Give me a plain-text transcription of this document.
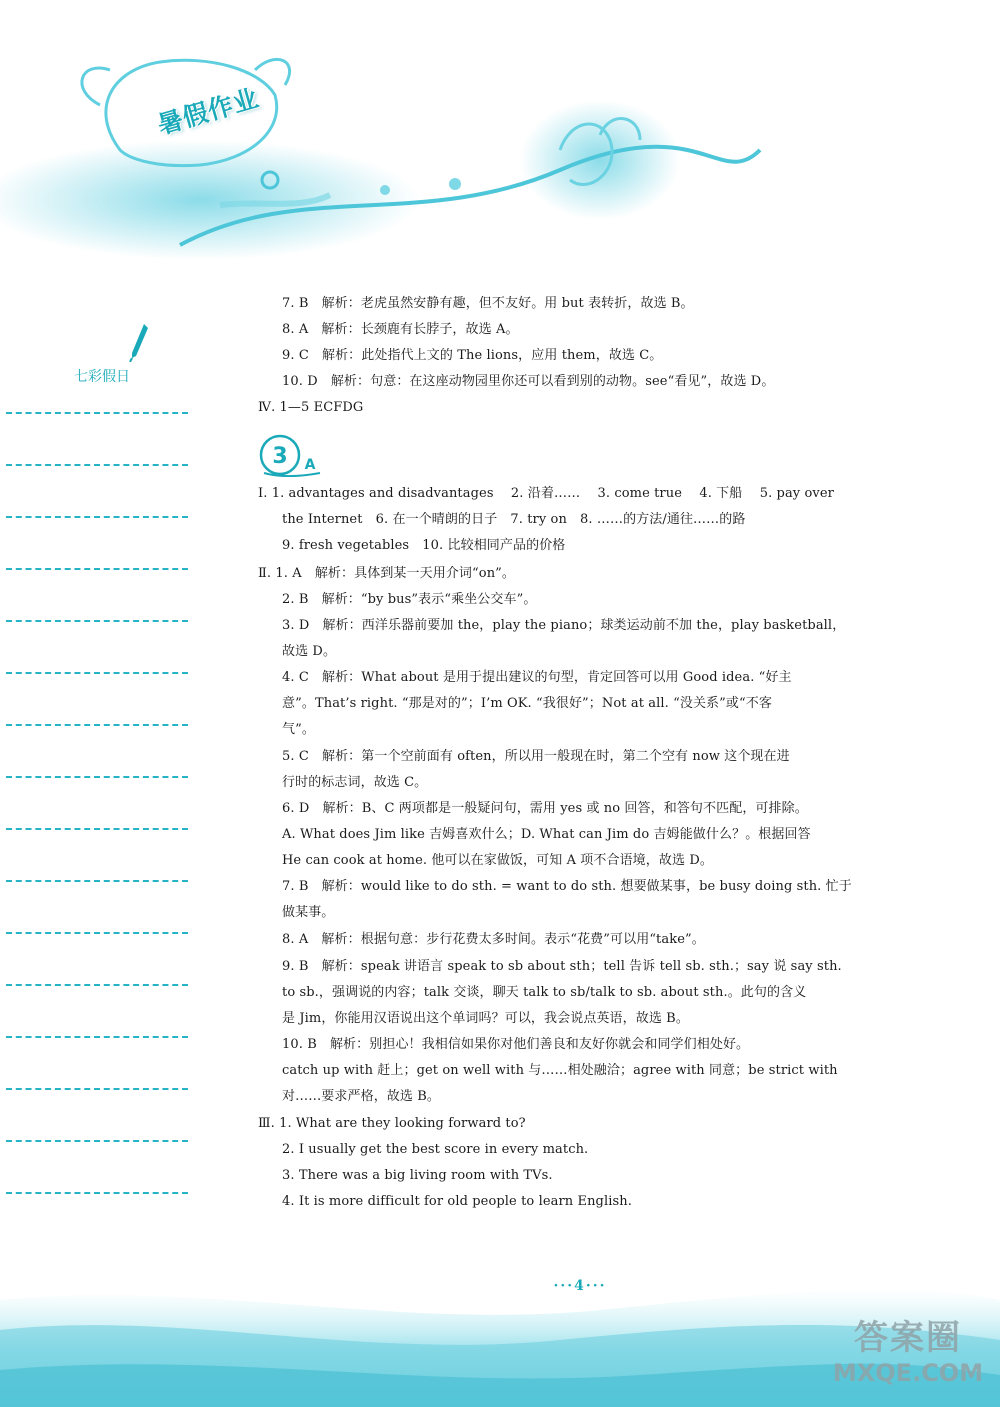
暑假作业
七彩假日
3 A
7. B　解析：老虎虽然安静有趣，但不友好。用 but 表转折，故选 B。
8. A　解析：长颈鹿有长脖子，故选 A。
9. C　解析：此处指代上文的 The lions，应用 them，故选 C。
10. D　解析：句意：在这座动物园里你还可以看到别的动物。see“看见”，故选 D。
Ⅳ. 1—5 ECFDG
Ⅰ. 1. advantages and disadvantages　 2. 沿着……　 3. come true　 4. 下船　 5. pay over
the Internet　6. 在一个晴朗的日子　7. try on　8. ……的方法/通往……的路
9. fresh vegetables　10. 比较相同产品的价格
Ⅱ. 1. A　解析：具体到某一天用介词“on”。
2. B　解析：“by bus”表示“乘坐公交车”。
3. D　解析：西洋乐器前要加 the，play the piano；球类运动前不加 the，play basketball，
故选 D。
4. C　解析：What about 是用于提出建议的句型，肯定回答可以用 Good idea. “好主
意”。That’s right. “那是对的”；I’m OK. “我很好”；Not at all. “没关系”或“不客
气”。
5. C　解析：第一个空前面有 often，所以用一般现在时，第二个空有 now 这个现在进
行时的标志词，故选 C。
6. D　解析：B、C 两项都是一般疑问句，需用 yes 或 no 回答，和答句不匹配，可排除。
A. What does Jim like 吉姆喜欢什么；D. What can Jim do 吉姆能做什么？。根据回答
He can cook at home. 他可以在家做饭，可知 A 项不合语境，故选 D。
7. B　解析：would like to do sth. = want to do sth. 想要做某事，be busy doing sth. 忙于
做某事。
8. A　解析：根据句意：步行花费太多时间。表示“花费”可以用“take”。
9. B　解析：speak 讲语言 speak to sb about sth；tell 告诉 tell sb. sth.；say 说 say sth.
to sb.，强调说的内容；talk 交谈，聊天 talk to sb/talk to sb. about sth.。此句的含义
是 Jim，你能用汉语说出这个单词吗？可以，我会说点英语，故选 B。
10. B　解析：别担心！我相信如果你对他们善良和友好你就会和同学们相处好。
catch up with 赶上；get on well with 与……相处融洽；agree with 同意；be strict with
对……要求严格，故选 B。
Ⅲ. 1. What are they looking forward to?
2. I usually get the best score in every match.
3. There was a big living room with TVs.
4. It is more difficult for old people to learn English.
···4···
答案圈
MXQE.COM
